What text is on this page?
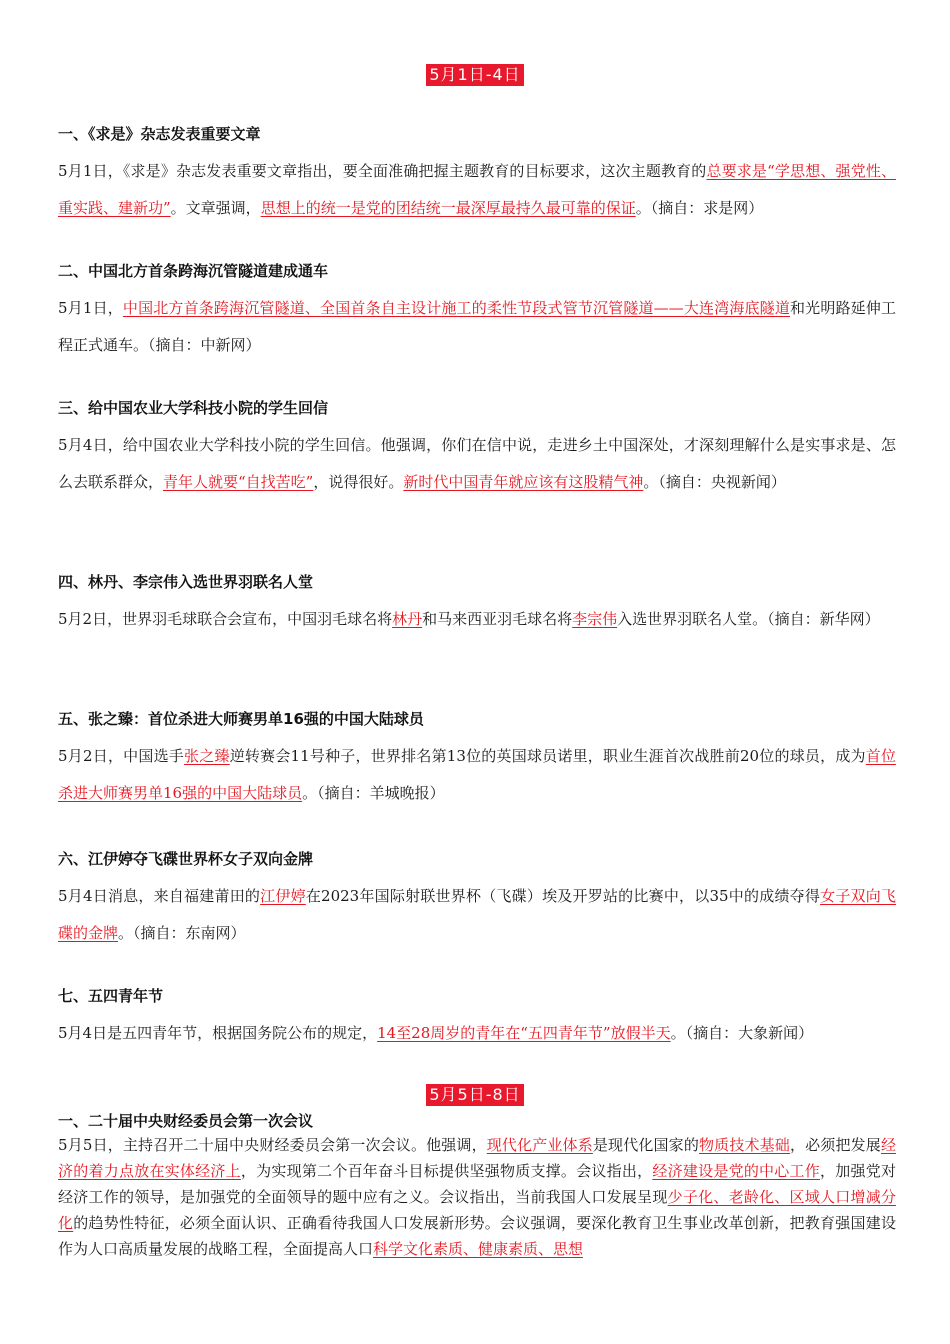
5月1日-4日
一、《求是》杂志发表重要文章

5月1日，《求是》杂志发表重要文章指出，要全面准确把握主题教育的目标要求，这次主题教育的总要求是“学思想、强党性、重实践、建新功”。文章强调，思想上的统一是党的团结统一最深厚最持久最可靠的保证。（摘自：求是网）

二、中国北方首条跨海沉管隧道建成通车

5月1日，中国北方首条跨海沉管隧道、全国首条自主设计施工的柔性节段式管节沉管隧道——大连湾海底隧道和光明路延伸工程正式通车。（摘自：中新网）

三、给中国农业大学科技小院的学生回信

5月4日，给中国农业大学科技小院的学生回信。他强调，你们在信中说，走进乡土中国深处，才深刻理解什么是实事求是、怎么去联系群众，青年人就要“自找苦吃”，说得很好。新时代中国青年就应该有这股精气神。（摘自：央视新闻）

四、林丹、李宗伟入选世界羽联名人堂

5月2日，世界羽毛球联合会宣布，中国羽毛球名将林丹和马来西亚羽毛球名将李宗伟入选世界羽联名人堂。（摘自：新华网）

五、张之臻：首位杀进大师赛男单16强的中国大陆球员

5月2日，中国选手张之臻逆转赛会11号种子，世界排名第13位的英国球员诺里，职业生涯首次战胜前20位的球员，成为首位杀进大师赛男单16强的中国大陆球员。（摘自：羊城晚报）

六、江伊婷夺飞碟世界杯女子双向金牌

5月4日消息，来自福建莆田的江伊婷在2023年国际射联世界杯（飞碟）埃及开罗站的比赛中，以35中的成绩夺得女子双向飞碟的金牌。（摘自：东南网）

七、五四青年节

5月4日是五四青年节，根据国务院公布的规定，14至28周岁的青年在“五四青年节”放假半天。（摘自：大象新闻）

5月5日-8日
一、二十届中央财经委员会第一次会议

5月5日，主持召开二十届中央财经委员会第一次会议。他强调，现代化产业体系是现代化国家的物质技术基础，必须把发展经济的着力点放在实体经济上，为实现第二个百年奋斗目标提供坚强物质支撑。会议指出，经济建设是党的中心工作，加强党对经济工作的领导，是加强党的全面领导的题中应有之义。会议指出，当前我国人口发展呈现少子化、老龄化、区域人口增减分化的趋势性特征，必须全面认识、正确看待我国人口发展新形势。会议强调，要深化教育卫生事业改革创新，把教育强国建设作为人口高质量发展的战略工程，全面提高人口科学文化素质、健康素质、思想
